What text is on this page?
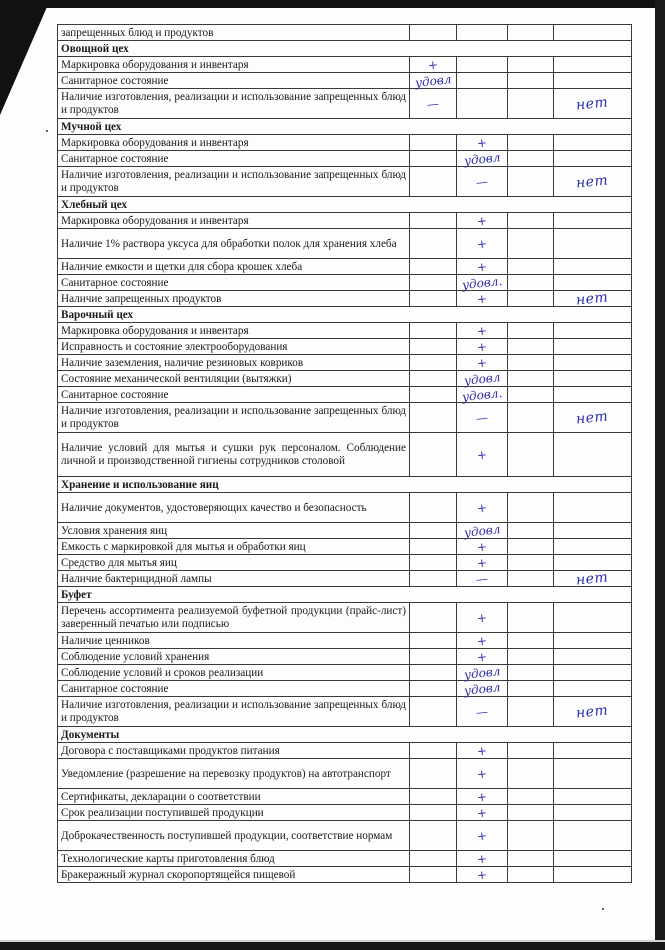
запрещенных блюд и продуктов				
Овощной цех				
Маркировка оборудования и инвентаря	+			
Санитарное состояние	удовл			
Наличие изготовления, реализации и использование запрещенных блюд и продуктов	—			нет
Мучной цех				
Маркировка оборудования и инвентаря		+		
Санитарное состояние		удовл		
Наличие изготовления, реализации и использование запрещенных блюд и продуктов		—		нет
Хлебный цех				
Маркировка оборудования и инвентаря		+		
Наличие 1% раствора уксуса для обработки полок для хранения хлеба		+		
Наличие емкости и щетки для сбора крошек хлеба		+		
Санитарное состояние		удовл.		
Наличие запрещенных продуктов		+		нет
Варочный цех				
Маркировка оборудования и инвентаря		+		
Исправность и состояние электрооборудования		+		
Наличие заземления, наличие резиновых ковриков		+		
Состояние механической вентиляции (вытяжки)		удовл		
Санитарное состояние		удовл.		
Наличие изготовления, реализации и использование запрещенных блюд и продуктов		—		нет
Наличие условий для мытья и сушки рук персоналом. Соблюдение личной и производственной гигиены сотрудников столовой		+		
Хранение и использование яиц				
Наличие документов, удостоверяющих качество и безопасность		+		
Условия хранения яиц		удовл		
Емкость с маркировкой для мытья и обработки яиц		+		
Средство для мытья яиц		+		
Наличие бактерицидной лампы		—		нет
Буфет				
Перечень ассортимента реализуемой буфетной продукции (прайс-лист) заверенный печатью или подписью		+		
Наличие ценников		+		
Соблюдение условий хранения		+		
Соблюдение условий и сроков реализации		удовл		
Санитарное состояние		удовл		
Наличие изготовления, реализации и использование запрещенных блюд и продуктов		—		нет
Документы				
Договора с поставщиками продуктов питания		+		
Уведомление (разрешение на перевозку продуктов) на автотранспорт		+		
Сертификаты, декларации о соответствии		+		
Срок реализации поступившей продукции		+		
Доброкачественность поступившей продукции, соответствие нормам		+		
Технологические карты приготовления блюд		+		
Бракеражный журнал скоропортящейся пищевой		+		
